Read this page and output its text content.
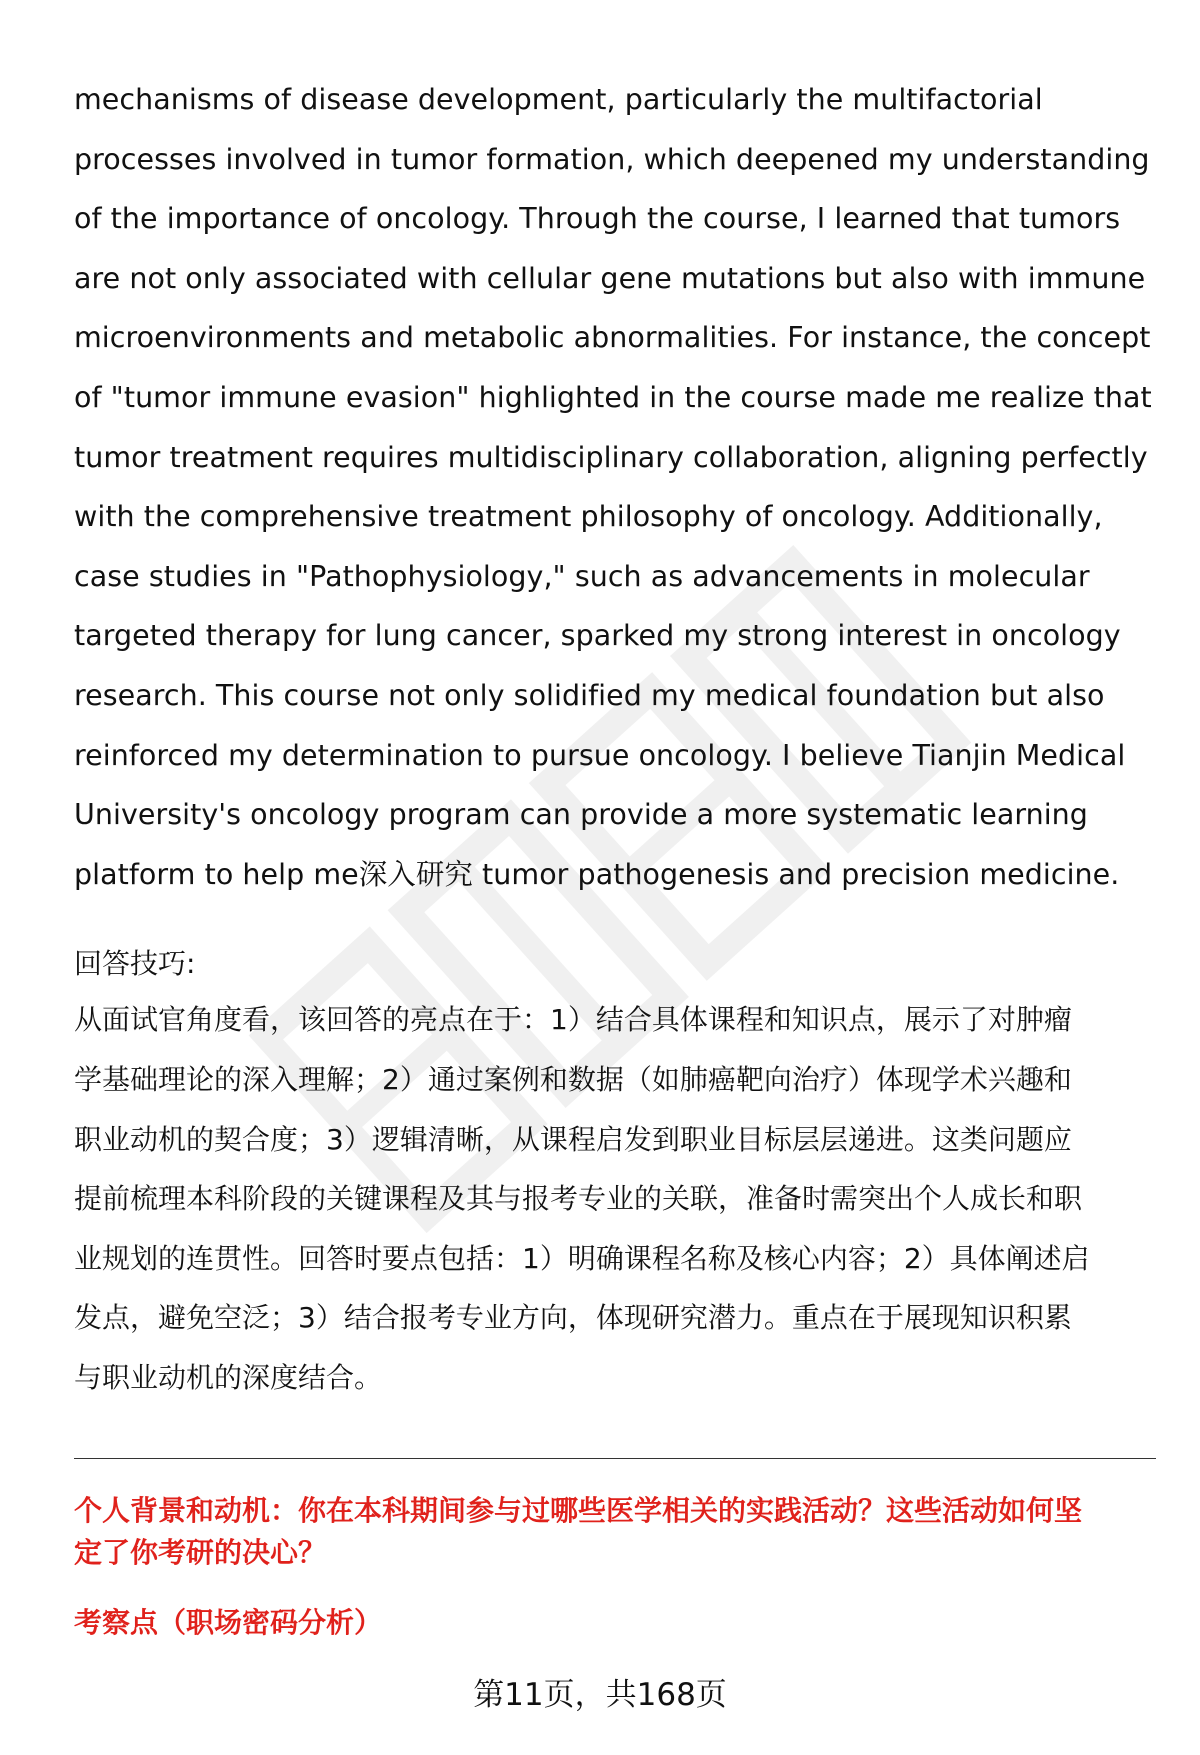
mechanisms of disease development, particularly the multifactorial
processes involved in tumor formation, which deepened my understanding
of the importance of oncology. Through the course, I learned that tumors
are not only associated with cellular gene mutations but also with immune
microenvironments and metabolic abnormalities. For instance, the concept
of "tumor immune evasion" highlighted in the course made me realize that
tumor treatment requires multidisciplinary collaboration, aligning perfectly
with the comprehensive treatment philosophy of oncology. Additionally,
case studies in "Pathophysiology," such as advancements in molecular
targeted therapy for lung cancer, sparked my strong interest in oncology
research. This course not only solidified my medical foundation but also
reinforced my determination to pursue oncology. I believe Tianjin Medical
University's oncology program can provide a more systematic learning
platform to help me深入研究 tumor pathogenesis and precision medicine.
回答技巧:
从面试官角度看，该回答的亮点在于：1）结合具体课程和知识点，展示了对肿瘤
学基础理论的深入理解；2）通过案例和数据（如肺癌靶向治疗）体现学术兴趣和
职业动机的契合度；3）逻辑清晰，从课程启发到职业目标层层递进。这类问题应
提前梳理本科阶段的关键课程及其与报考专业的关联，准备时需突出个人成长和职
业规划的连贯性。回答时要点包括：1）明确课程名称及核心内容；2）具体阐述启
发点，避免空泛；3）结合报考专业方向，体现研究潜力。重点在于展现知识积累
与职业动机的深度结合。
个人背景和动机：你在本科期间参与过哪些医学相关的实践活动？这些活动如何坚
定了你考研的决心？
考察点（职场密码分析）
第11页，共168页
